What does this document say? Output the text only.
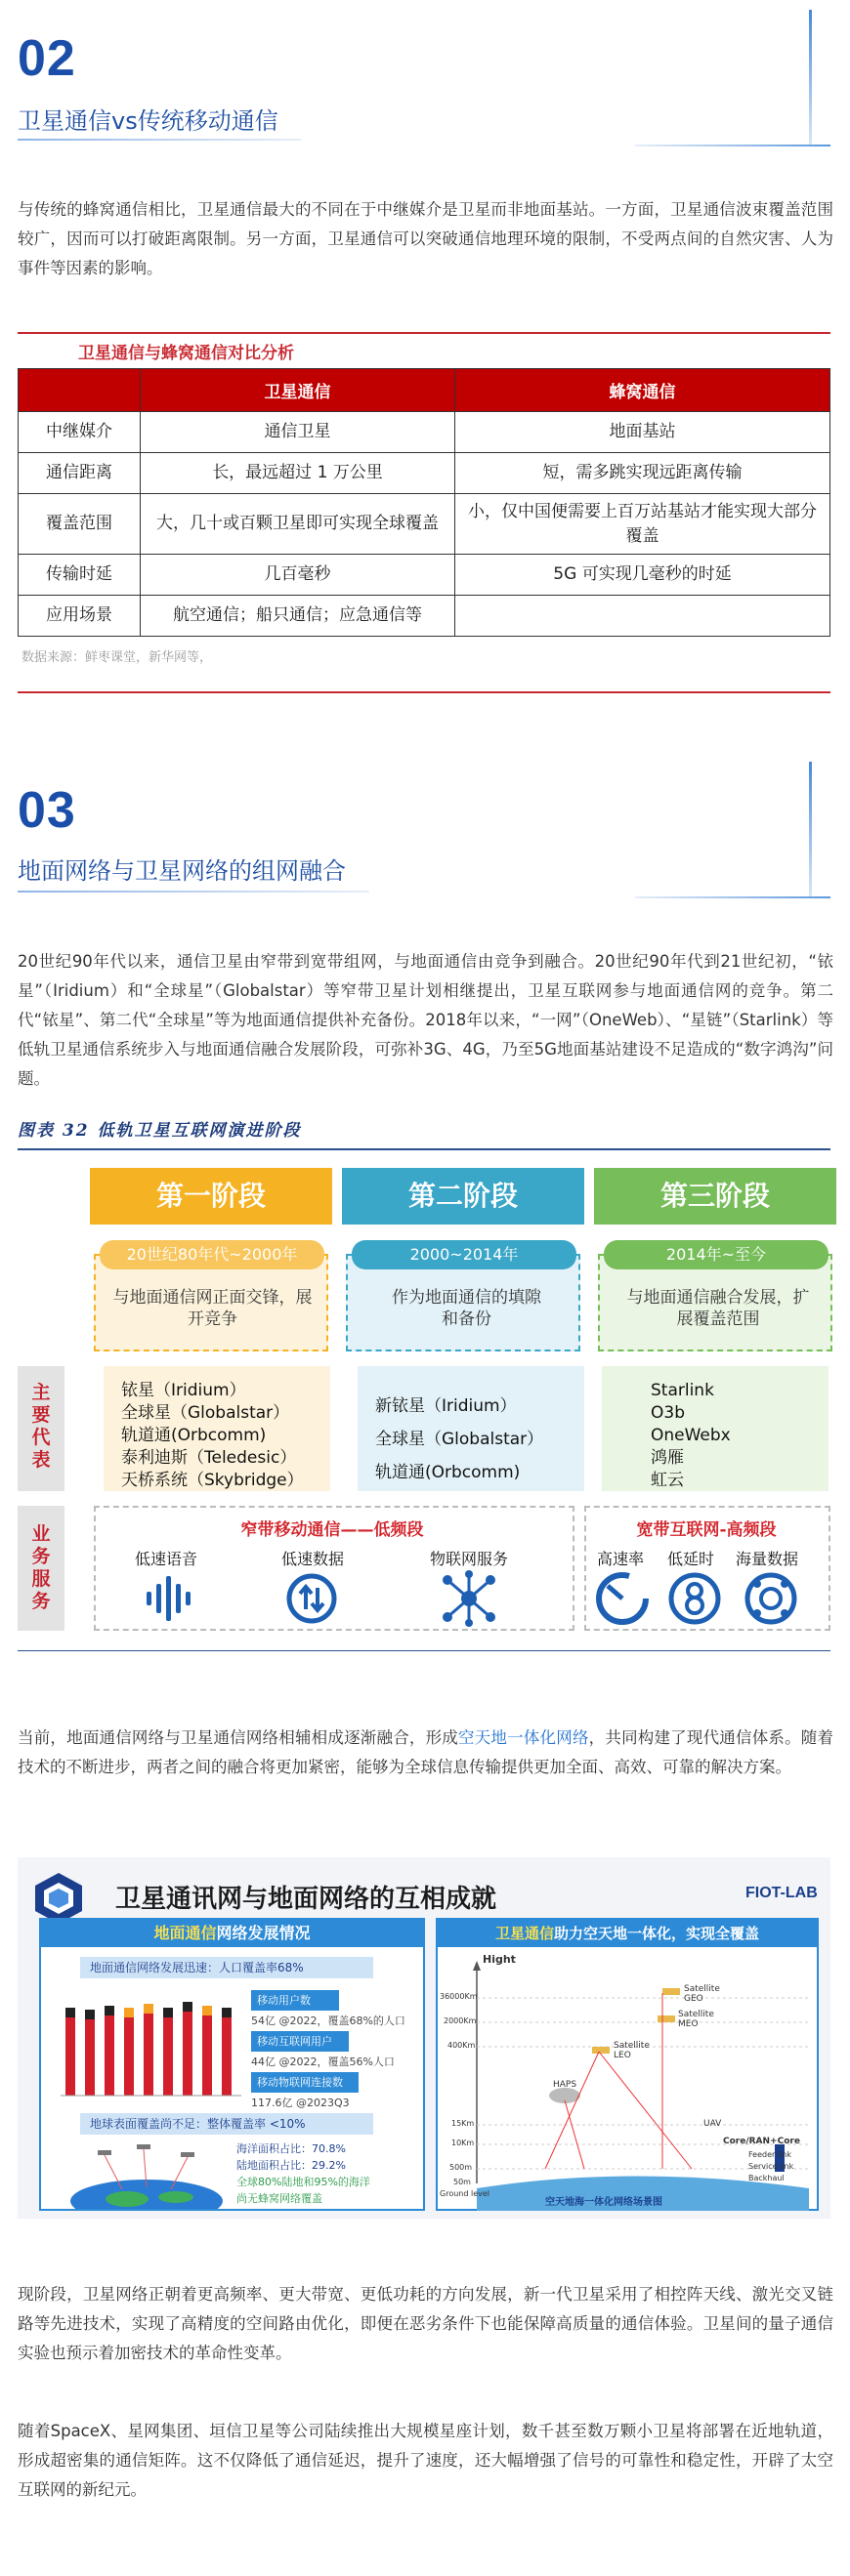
02
卫星通信vs传统移动通信
与传统的蜂窝通信相比，卫星通信最大的不同在于中继媒介是卫星而非地面基站。一方面，卫星通信波束覆盖范围较广，因而可以打破距离限制。另一方面，卫星通信可以突破通信地理环境的限制，不受两点间的自然灾害、人为事件等因素的影响。
卫星通信与蜂窝通信对比分析
	卫星通信	蜂窝通信
中继媒介	通信卫星	地面基站
通信距离	长，最远超过 1 万公里	短，需多跳实现远距离传输
覆盖范围	大，几十或百颗卫星即可实现全球覆盖	小，仅中国便需要上百万站基站才能实现大部分覆盖
传输时延	几百毫秒	5G 可实现几毫秒的时延
应用场景	航空通信；船只通信；应急通信等	
数据来源：鲜枣课堂，新华网等，
03
地面网络与卫星网络的组网融合
20世纪90年代以来，通信卫星由窄带到宽带组网，与地面通信由竞争到融合。20世纪90年代到21世纪初，“铱星”（Iridium）和“全球星”（Globalstar）等窄带卫星计划相继提出，卫星互联网参与地面通信网的竞争。第二代“铱星”、第二代“全球星”等为地面通信提供补充备份。2018年以来，“一网”（OneWeb）、“星链”（Starlink）等低轨卫星通信系统步入与地面通信融合发展阶段，可弥补3G、4G，乃至5G地面基站建设不足造成的“数字鸿沟”问题。
图表 32 低轨卫星互联网演进阶段
第一阶段	第二阶段	第三阶段
20世纪80年代~2000年	2000~2014年	2014年~至今
与地面通信网正面交锋，展开竞争
作为地面通信的填隙和备份
与地面通信融合发展，扩展覆盖范围
主要代表
铱星（Iridium）
全球星（Globalstar）
轨道通(Orbcomm)
泰利迪斯（Teledesic）
天桥系统（Skybridge）
新铱星（Iridium）
全球星（Globalstar）
轨道通(Orbcomm)
Starlink
O3b
OneWebx
鸿雁
虹云
业务服务
窄带移动通信——低频段	宽带互联网-高频段
低速语音	低速数据	物联网服务	高速率	低延时	海量数据
当前，地面通信网络与卫星通信网络相辅相成逐渐融合，形成空天地一体化网络，共同构建了现代通信体系。随着技术的不断进步，两者之间的融合将更加紧密，能够为全球信息传输提供更加全面、高效、可靠的解决方案。
卫星通讯网与地面网络的互相成就	FIOT-LAB
地面通信网络发展情况
地面通信网络发展迅速：人口覆盖率68%
移动用户数
54亿 @2022，覆盖68%的人口
移动互联网用户
44亿 @2022，覆盖56%人口
移动物联网连接数
117.6亿 @2023Q3
地球表面覆盖尚不足：整体覆盖率 <10%
海洋面积占比：70.8%
陆地面积占比：29.2%
全球80%陆地和95%的海洋
尚无蜂窝网络覆盖
卫星通信助力空天地一体化，实现全覆盖
Hight
36000Km
2000Km
400Km
15Km
10Km
500m
50m
Ground level
Satellite GEO
Satellite MEO
Satellite LEO
HAPS
UAV
Core/RAN+Core
Feeder link
Service link
Backhaul
空天地海一体化网络场景图
现阶段，卫星网络正朝着更高频率、更大带宽、更低功耗的方向发展，新一代卫星采用了相控阵天线、激光交叉链路等先进技术，实现了高精度的空间路由优化，即便在恶劣条件下也能保障高质量的通信体验。卫星间的量子通信实验也预示着加密技术的革命性变革。
随着SpaceX、星网集团、垣信卫星等公司陆续推出大规模星座计划，数千甚至数万颗小卫星将部署在近地轨道，形成超密集的通信矩阵。这不仅降低了通信延迟，提升了速度，还大幅增强了信号的可靠性和稳定性，开辟了太空互联网的新纪元。
